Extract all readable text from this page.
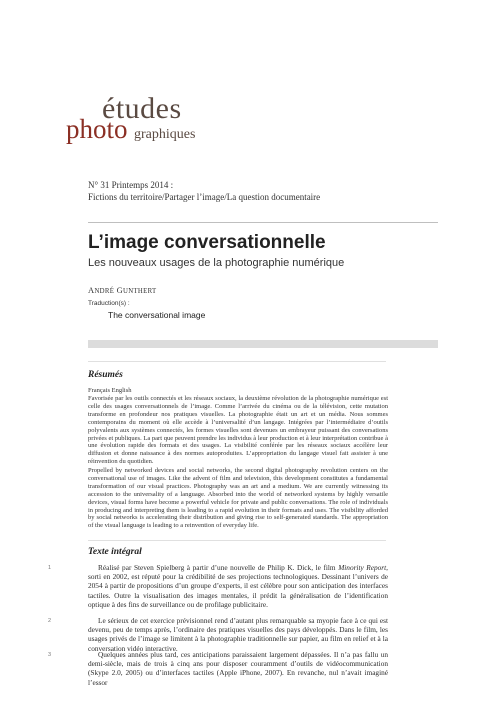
études
photo graphiques
N° 31 Printemps 2014 :
Fictions du territoire/Partager l’image/La question documentaire
L’image conversationnelle
Les nouveaux usages de la photographie numérique
ANDRÉ GUNTHERT
Traduction(s) :
The conversational image
Résumés
Français English
Favorisée par les outils connectés et les réseaux sociaux, la deuxième révolution de la photographie numérique est celle des usages conversationnels de l’image. Comme l’arrivée du cinéma ou de la télévision, cette mutation transforme en profondeur nos pratiques visuelles. La photographie était un art et un média. Nous sommes contemporains du moment où elle accède à l’universalité d’un langage. Intégrées par l’intermédiaire d’outils polyvalents aux systèmes connectés, les formes visuelles sont devenues un embrayeur puissant des conversations privées et publiques. La part que peuvent prendre les individus à leur production et à leur interprétation contribue à une évolution rapide des formats et des usages. La visibilité conférée par les réseaux sociaux accélère leur diffusion et donne naissance à des normes autoproduites. L’appropriation du langage visuel fait assister à une réinvention du quotidien.
Propelled by networked devices and social networks, the second digital photography revolution centers on the conversational use of images. Like the advent of film and television, this development constitutes a fundamental transformation of our visual practices. Photography was an art and a medium. We are currently witnessing its accession to the universality of a language. Absorbed into the world of networked systems by highly versatile devices, visual forms have become a powerful vehicle for private and public conversations. The role of individuals in producing and interpreting them is leading to a rapid evolution in their formats and uses. The visibility afforded by social networks is accelerating their distribution and giving rise to self-generated standards. The appropriation of the visual language is leading to a reinvention of everyday life.
Texte intégral
1	Réalisé par Steven Spielberg à partir d’une nouvelle de Philip K. Dick, le film Minority Report, sorti en 2002, est réputé pour la crédibilité de ses projections technologiques. Dessinant l’univers de 2054 à partir de propositions d’un groupe d’experts, il est célèbre pour son anticipation des interfaces tactiles. Outre la visualisation des images mentales, il prédit la généralisation de l’identification optique à des fins de surveillance ou de profilage publicitaire.
2	Le sérieux de cet exercice prévisionnel rend d’autant plus remarquable sa myopie face à ce qui est devenu, peu de temps après, l’ordinaire des pratiques visuelles des pays développés. Dans le film, les usages privés de l’image se limitent à la photographie traditionnelle sur papier, au film en relief et à la conversation vidéo interactive.
3	Quelques années plus tard, ces anticipations paraissaient largement dépassées. Il n’a pas fallu un demi-siècle, mais de trois à cinq ans pour disposer couramment d’outils de vidéocommunication (Skype 2.0, 2005) ou d’interfaces tactiles (Apple iPhone, 2007). En revanche, nul n’avait imaginé l’essor
